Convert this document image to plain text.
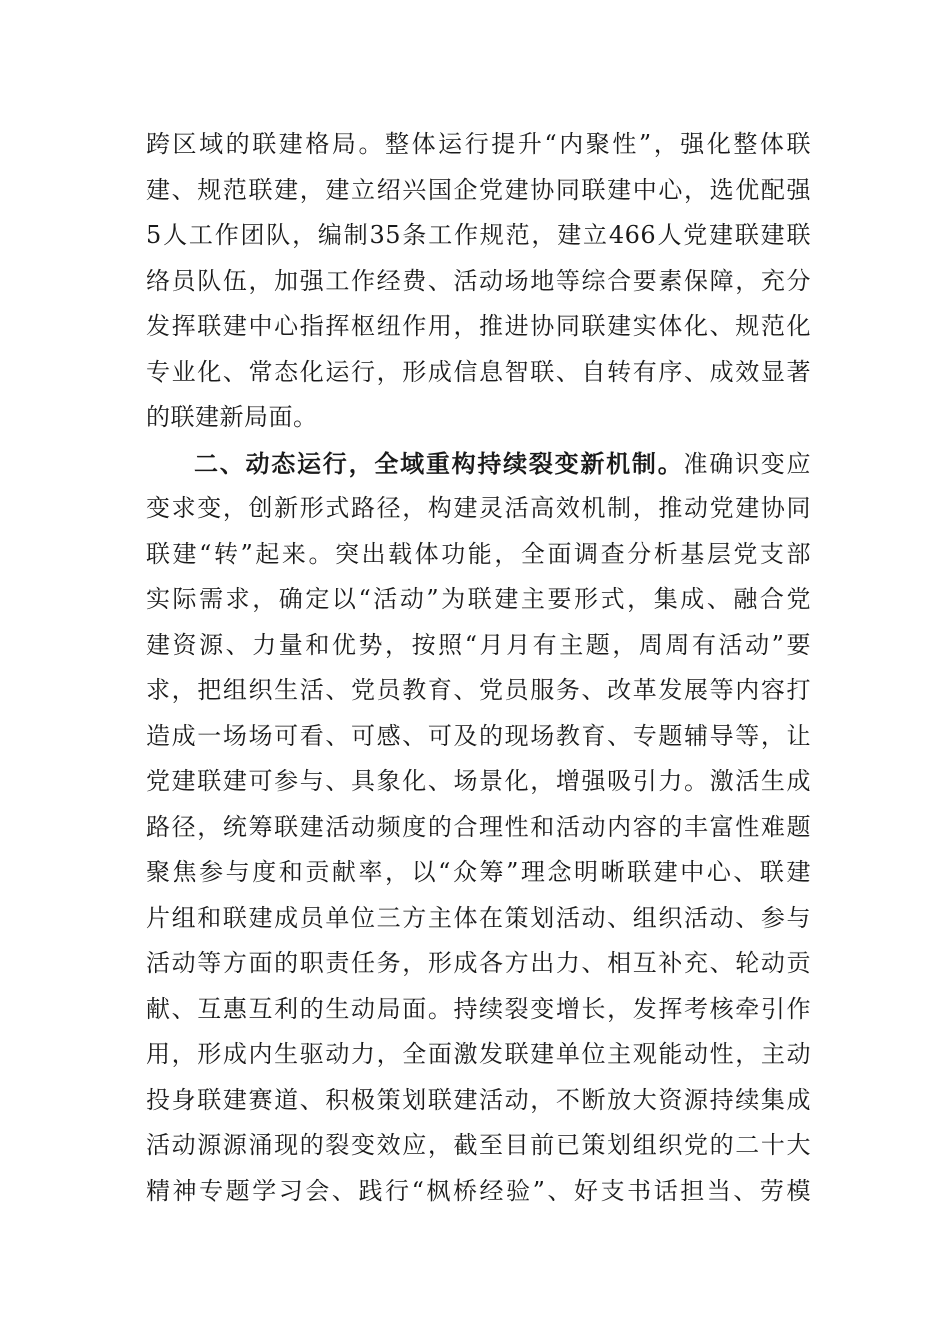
跨区域的联建格局。整体运行提升“内聚性”，强化整体联
建、规范联建，建立绍兴国企党建协同联建中心，选优配强
5人工作团队，编制35条工作规范，建立466人党建联建联
络员队伍，加强工作经费、活动场地等综合要素保障，充分
发挥联建中心指挥枢纽作用，推进协同联建实体化、规范化
专业化、常态化运行，形成信息智联、自转有序、成效显著
的联建新局面。
二、动态运行，全域重构持续裂变新机制。准确识变应
变求变，创新形式路径，构建灵活高效机制，推动党建协同
联建“转”起来。突出载体功能，全面调查分析基层党支部
实际需求，确定以“活动”为联建主要形式，集成、融合党
建资源、力量和优势，按照“月月有主题，周周有活动”要
求，把组织生活、党员教育、党员服务、改革发展等内容打
造成一场场可看、可感、可及的现场教育、专题辅导等，让
党建联建可参与、具象化、场景化，增强吸引力。激活生成
路径，统筹联建活动频度的合理性和活动内容的丰富性难题
聚焦参与度和贡献率，以“众筹”理念明晰联建中心、联建
片组和联建成员单位三方主体在策划活动、组织活动、参与
活动等方面的职责任务，形成各方出力、相互补充、轮动贡
献、互惠互利的生动局面。持续裂变增长，发挥考核牵引作
用，形成内生驱动力，全面激发联建单位主观能动性，主动
投身联建赛道、积极策划联建活动，不断放大资源持续集成
活动源源涌现的裂变效应，截至目前已策划组织党的二十大
精神专题学习会、践行“枫桥经验”、好支书话担当、劳模
